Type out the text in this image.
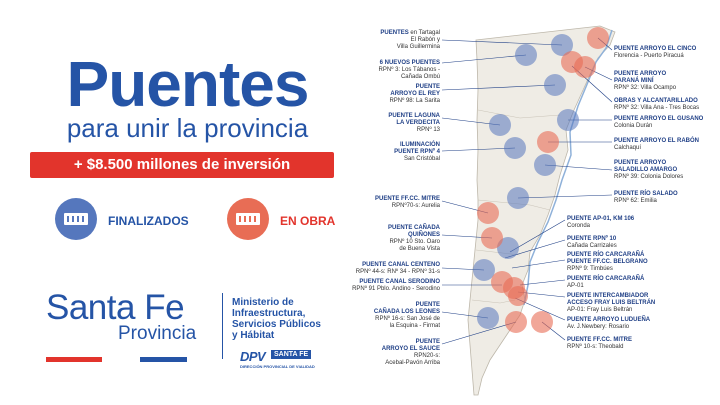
Puentes
para unir la provincia
+ $8.500 millones de inversión
FINALIZADOS	EN OBRA
Santa Fe
Provincia
Ministerio de
Infraestructura,
Servicios Públicos
y Hábitat
DPV	SANTA FE
DIRECCIÓN PROVINCIAL DE VIALIDAD
PUENTES en Tartagal
El Rabón y
Villa Guillermina
6 NUEVOS PUENTES
RPNº 3: Los Tábanos -
Cañada Ombú
PUENTE
ARROYO EL REY
RPNº 98: La Sarita
PUENTE LAGUNA
LA VERDECITA
RPNº 13
ILUMINACIÓN
PUENTE RPNº 4
San Cristóbal
PUENTE FF.CC. MITRE
RPNº70-s: Aurelia
PUENTE CAÑADA
QUIÑONES
RPNº 10 Sto. Oaro
de Buena Vista
PUENTE CANAL CENTENO
RPNº 44-s: RNº 34 - RPNº 31-s
PUENTE CANAL SERODINO
RPNº 91 Pblo. Andino - Serodino
PUENTE
CAÑADA LOS LEONES
RPNº 16-s: San José de
la Esquina - Firmat
PUENTE
ARROYO EL SAUCE
RPN20-s:
Acebal-Pavón Arriba
PUENTE ARROYO EL CINCO
Florencia - Puerto Piracuá
PUENTE ARROYO
PARANÁ MINÍ
RPNº 32: Villa Ocampo
OBRAS Y ALCANTARILLADO
RPNº 32: Villa Ana - Tres Bocas
PUENTE ARROYO EL GUSANO
Colonia Durán
PUENTE ARROYO EL RABÓN
Calchaquí
PUENTE ARROYO
SALADILLO AMARGO
RPNº 39: Colonia Dolores
PUENTE RÍO SALADO
RPNº 62: Emilia
PUENTE AP-01, KM 106
Coronda
PUENTE RPNº 10
Cañada Carrizales
PUENTE RÍO CARCARAÑÁ
PUENTE FF.CC. BELGRANO
RPNº 9: Timbúes
PUENTE RÍO CARCARAÑÁ
AP-01
PUENTE INTERCAMBIADOR
ACCESO FRAY LUIS BELTRÁN
AP-01: Fray Luis Beltrán
PUENTE ARROYO LUDUEÑA
Av. J.Newbery: Rosario
PUENTE FF.CC. MITRE
RPNº 10-s: Theobald
